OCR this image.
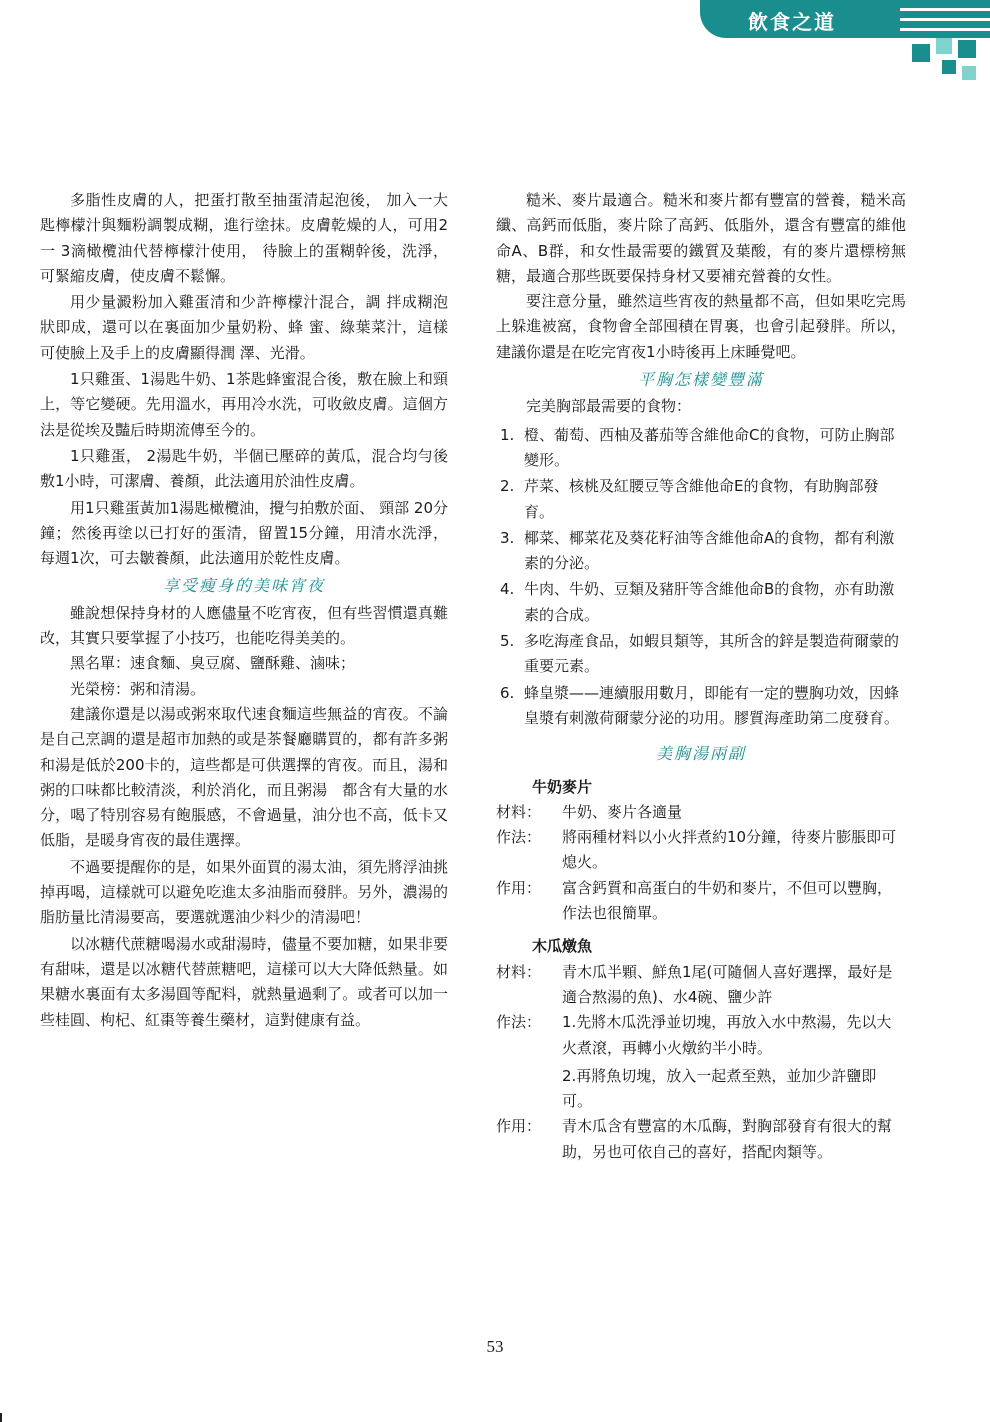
飲食之道

多脂性皮膚的人，把蛋打散至抽蛋清起泡後， 加入一大匙檸檬汁與麵粉調製成糊，進行塗抹。皮膚乾燥的人，可用2一 3滴橄欖油代替檸檬汁使用， 待臉上的蛋糊幹後，洗淨，可緊縮皮膚，使皮膚不鬆懈。

用少量澱粉加入雞蛋清和少許檸檬汁混合，調 拌成糊泡狀即成，還可以在裏面加少量奶粉、蜂 蜜、綠葉菜汁，這樣可使臉上及手上的皮膚顯得潤 澤、光滑。

1只雞蛋、1湯匙牛奶、1茶匙蜂蜜混合後，敷在臉上和頸上，等它變硬。先用溫水，再用冷水洗，可收斂皮膚。這個方法是從埃及豔后時期流傳至今的。

1只雞蛋， 2湯匙牛奶，半個已壓碎的黃瓜，混合均勻後敷1小時，可潔膚、養顏，此法適用於油性皮膚。

用1只雞蛋黃加1湯匙橄欖油，攪勻拍敷於面、 頸部 20分鐘；然後再塗以已打好的蛋清，留置15分鐘，用清水洗淨，每週1次，可去皺養顏，此法適用於乾性皮膚。

享受瘦身的美味宵夜

雖說想保持身材的人應儘量不吃宵夜，但有些習慣還真難改，其實只要掌握了小技巧，也能吃得美美的。

黑名單：速食麵、臭豆腐、鹽酥雞、滷味；

光榮榜：粥和清湯。

建議你還是以湯或粥來取代速食麵這些無益的宵夜。不論是自己烹調的還是超市加熱的或是茶餐廳購買的，都有許多粥和湯是低於200卡的，這些都是可供選擇的宵夜。而且，湯和粥的口味都比較清淡，利於消化，而且粥湯　都含有大量的水分，喝了特別容易有飽脹感，不會過量，油分也不高，低卡又低脂，是暖身宵夜的最佳選擇。

不過要提醒你的是，如果外面買的湯太油，須先將浮油挑掉再喝，這樣就可以避免吃進太多油脂而發胖。另外，濃湯的脂肪量比清湯要高，要選就選油少料少的清湯吧！

以冰糖代蔗糖喝湯水或甜湯時，儘量不要加糖，如果非要有甜味，還是以冰糖代替蔗糖吧，這樣可以大大降低熱量。如果糖水裏面有太多湯圓等配料，就熱量過剩了。或者可以加一些桂圓、枸杞、紅棗等養生藥材，這對健康有益。

糙米、麥片最適合。糙米和麥片都有豐富的營養，糙米高纖、高鈣而低脂，麥片除了高鈣、低脂外，還含有豐富的維他命A、B群，和女性最需要的鐵質及葉酸，有的麥片還標榜無糖，最適合那些既要保持身材又要補充營養的女性。

要注意分量，雖然這些宵夜的熱量都不高，但如果吃完馬上躲進被窩，食物會全部囤積在胃裏，也會引起發胖。所以，建議你還是在吃完宵夜1小時後再上床睡覺吧。

平胸怎樣變豐滿

完美胸部最需要的食物：

1. 橙、葡萄、西柚及蕃茄等含維他命C的食物，可防止胸部變形。
2. 芹菜、核桃及紅腰豆等含維他命E的食物，有助胸部發育。
3. 椰菜、椰菜花及葵花籽油等含維他命A的食物，都有利激素的分泌。
4. 牛肉、牛奶、豆類及豬肝等含維他命B的食物，亦有助激素的合成。
5. 多吃海產食品，如蝦貝類等，其所含的鋅是製造荷爾蒙的重要元素。
6. 蜂皇漿——連續服用數月，即能有一定的豐胸功效，因蜂皇漿有刺激荷爾蒙分泌的功用。膠質海產助第二度發育。
美胸湯兩副
牛奶麥片
材料： 牛奶、麥片各適量
作法： 將兩種材料以小火拌煮約10分鐘，待麥片膨脹即可熄火。
作用： 富含鈣質和高蛋白的牛奶和麥片，不但可以豐胸，作法也很簡單。
木瓜燉魚
材料： 青木瓜半顆、鮮魚1尾(可隨個人喜好選擇，最好是適合熬湯的魚)、水4碗、鹽少許
作法： 1.先將木瓜洗淨並切塊，再放入水中熬湯，先以大火煮滾，再轉小火燉約半小時。
2.再將魚切塊，放入一起煮至熟，並加少許鹽即可。
作用： 青木瓜含有豐富的木瓜酶，對胸部發育有很大的幫助，另也可依自己的喜好，搭配肉類等。
53
